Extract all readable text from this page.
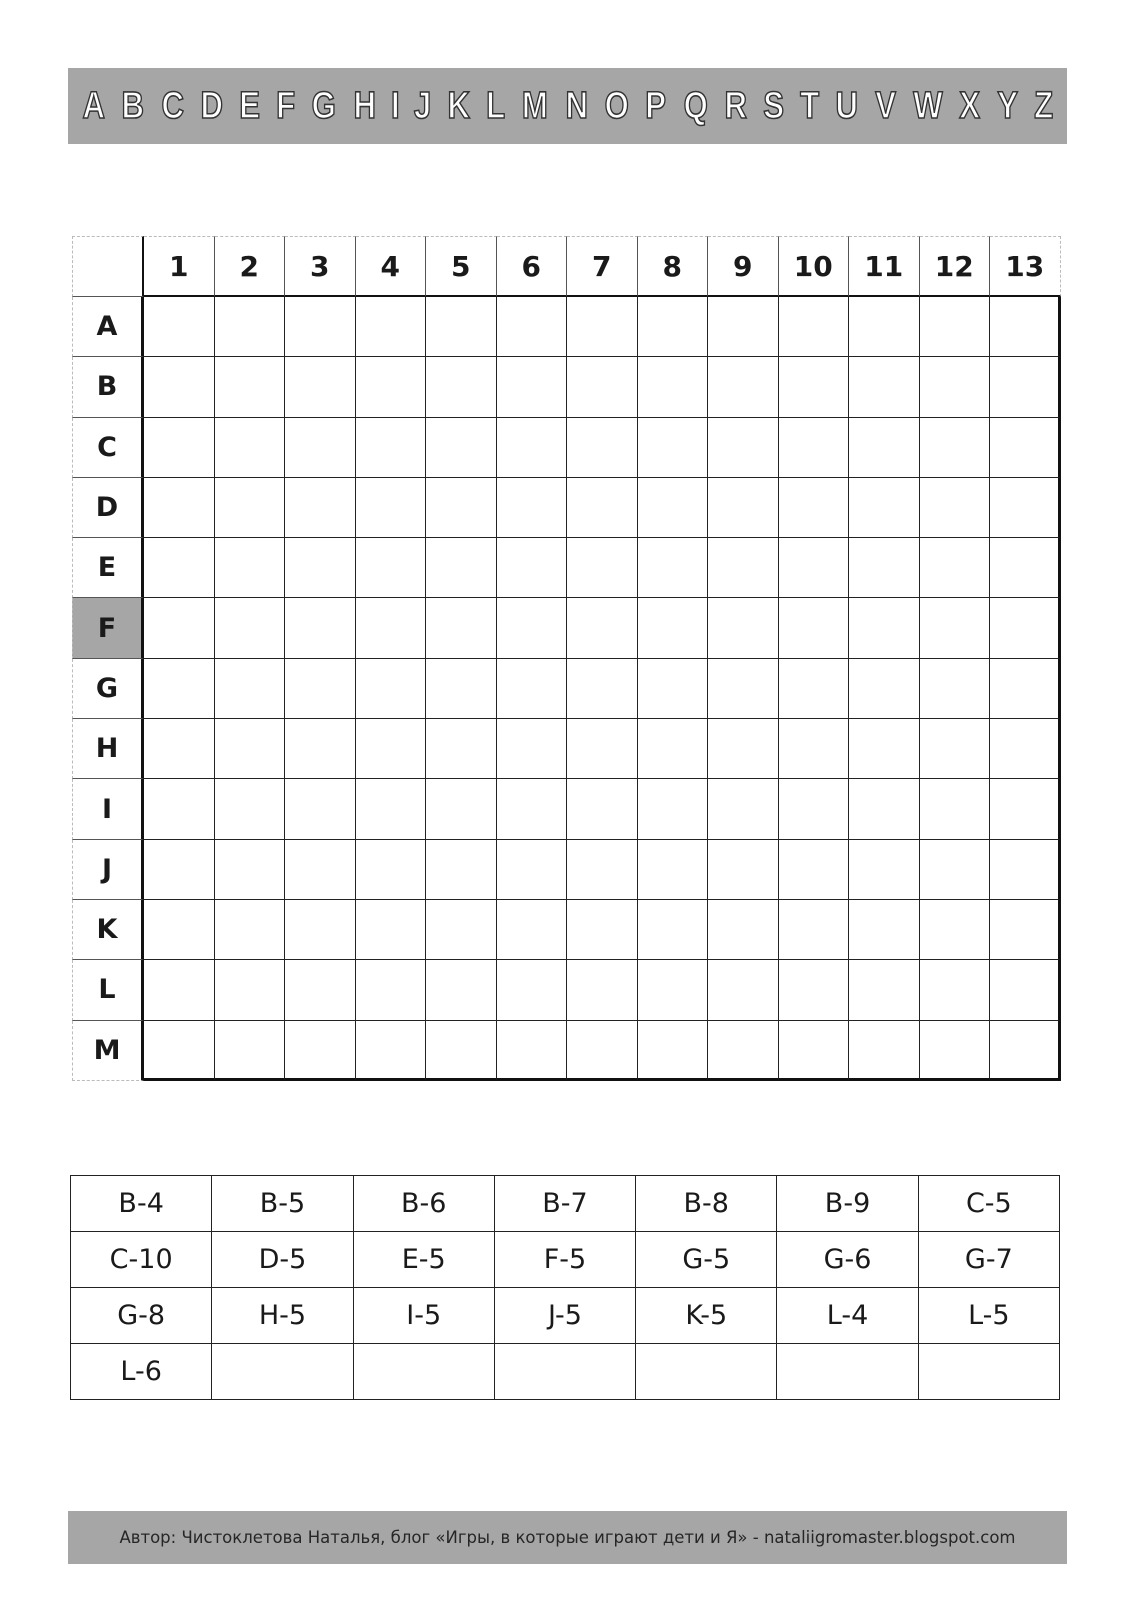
A B C D E F G H I J K L M N O P Q R S T U V W X Y Z
1	2	3	4	5	6	7	8	9	10	11	12	13
A
B
C
D
E
F
G
H
I
J
K
L
M
B-4	B-5	B-6	B-7	B-8	B-9	C-5
C-10	D-5	E-5	F-5	G-5	G-6	G-7
G-8	H-5	I-5	J-5	K-5	L-4	L-5
L-6						
Автор: Чистоклетова Наталья, блог «Игры, в которые играют дети и Я» - nataliigromaster.blogspot.com
